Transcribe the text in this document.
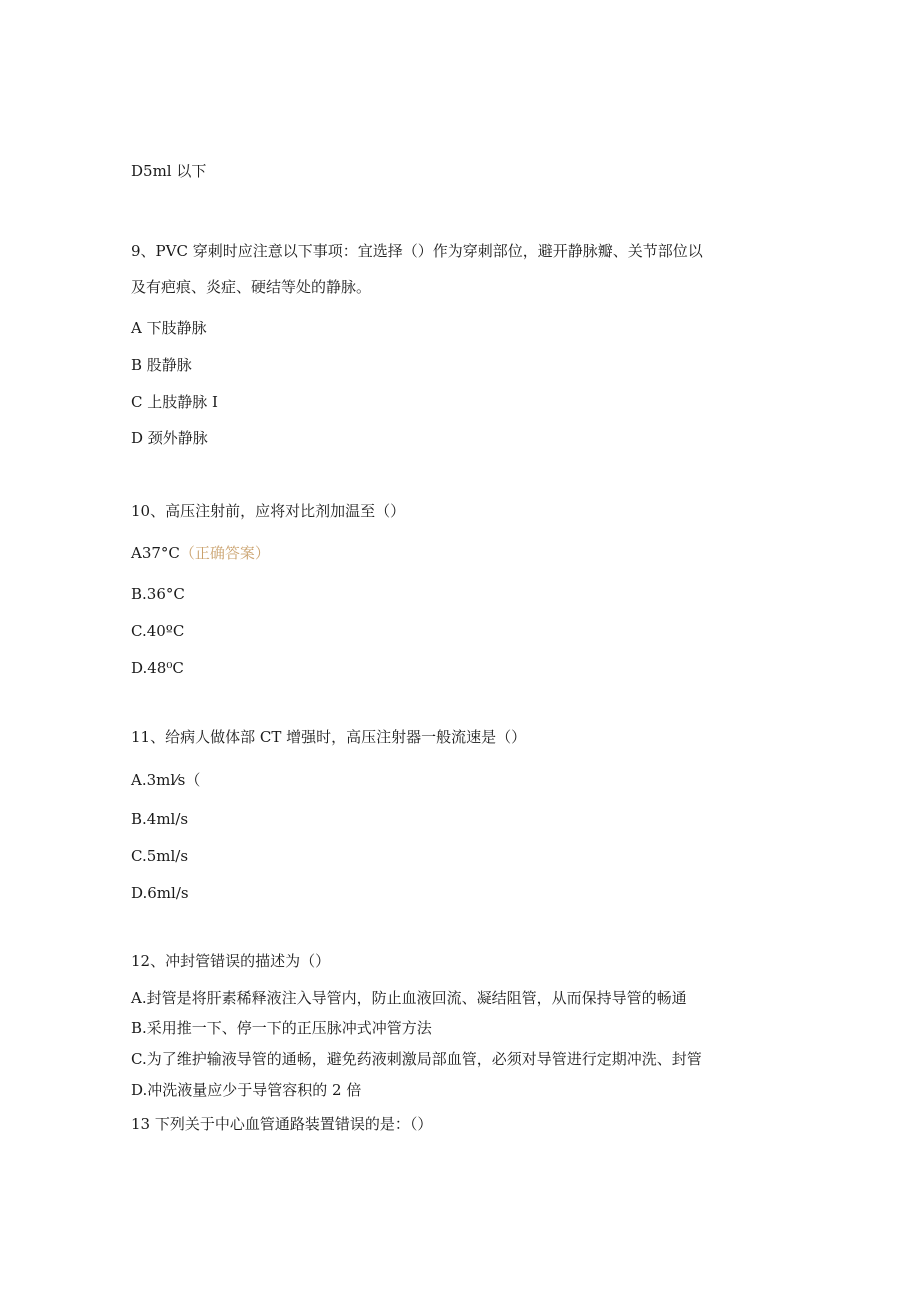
D5ml 以下
9、PVC 穿刺时应注意以下事项：宜选择（）作为穿刺部位，避开静脉瓣、关节部位以
及有疤痕、炎症、硬结等处的静脉。
A 下肢静脉
B 股静脉
C 上肢静脉 I
D 颈外静脉
10、高压注射前，应将对比剂加温至（）
A37°C（正确答案）
B.36°C
C.40ºC
D.48⁰C
11、给病人做体部 CT 增强时，高压注射器一般流速是（）
A.3ml⁄s（
B.4ml/s
C.5ml/s
D.6ml/s
12、冲封管错误的描述为（）
A.封管是将肝素稀释液注入导管内，防止血液回流、凝结阻管，从而保持导管的畅通
B.采用推一下、停一下的正压脉冲式冲管方法
C.为了维护输液导管的通畅，避免药液刺激局部血管，必须对导管进行定期冲洗、封管
D.冲洗液量应少于导管容积的 2 倍
13 下列关于中心血管通路装置错误的是：（）
